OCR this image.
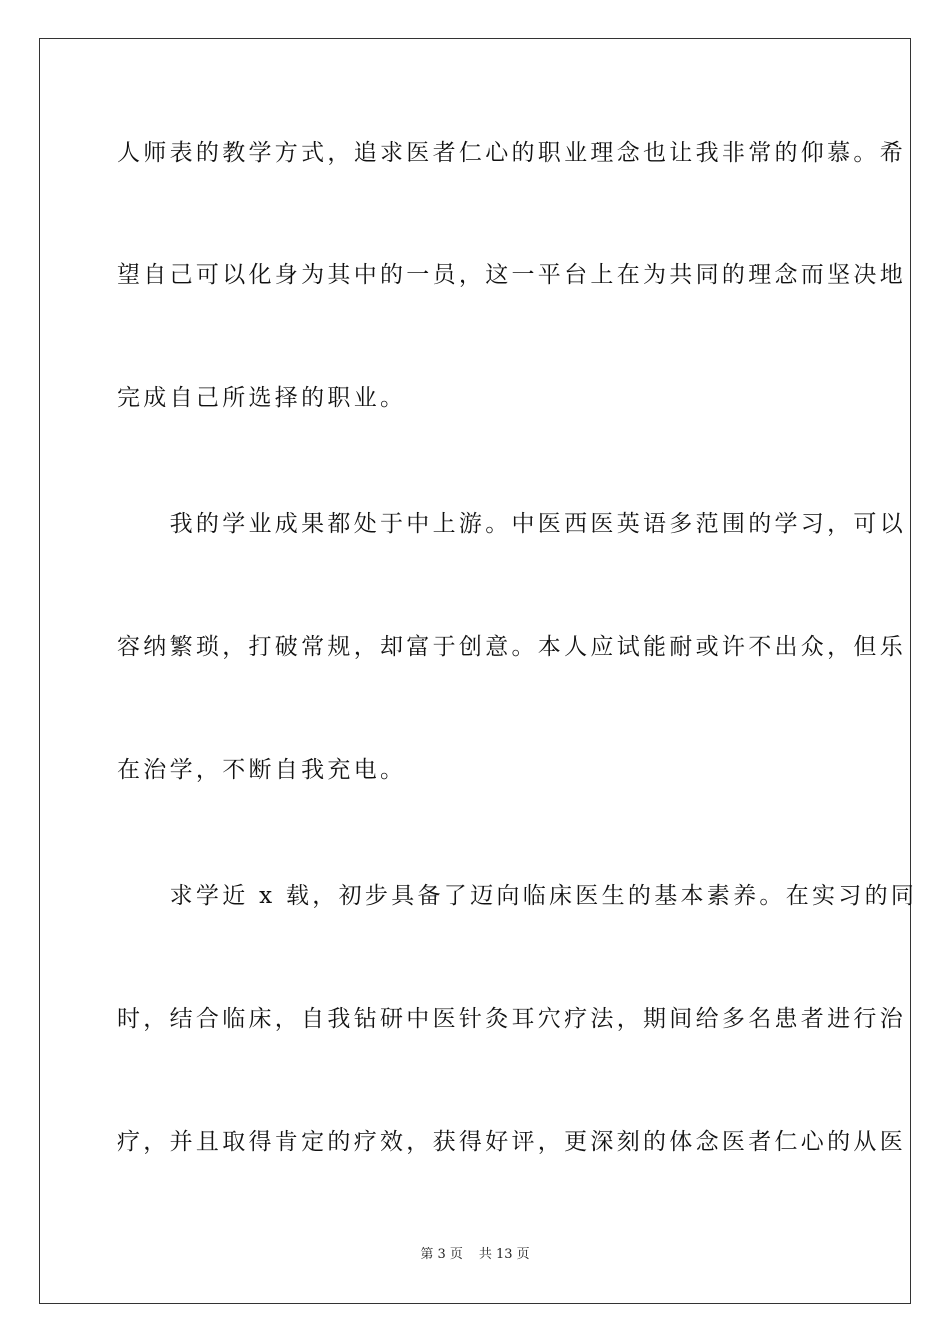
人师表的教学方式，追求医者仁心的职业理念也让我非常的仰慕。希
望自己可以化身为其中的一员，这一平台上在为共同的理念而坚决地
完成自己所选择的职业。
　　我的学业成果都处于中上游。中医西医英语多范围的学习，可以
容纳繁琐，打破常规，却富于创意。本人应试能耐或许不出众，但乐
在治学，不断自我充电。
　　求学近 x 载，初步具备了迈向临床医生的基本素养。在实习的同
时，结合临床，自我钻研中医针灸耳穴疗法，期间给多名患者进行治
疗，并且取得肯定的疗效，获得好评，更深刻的体念医者仁心的从医
第 3 页 共 13 页
